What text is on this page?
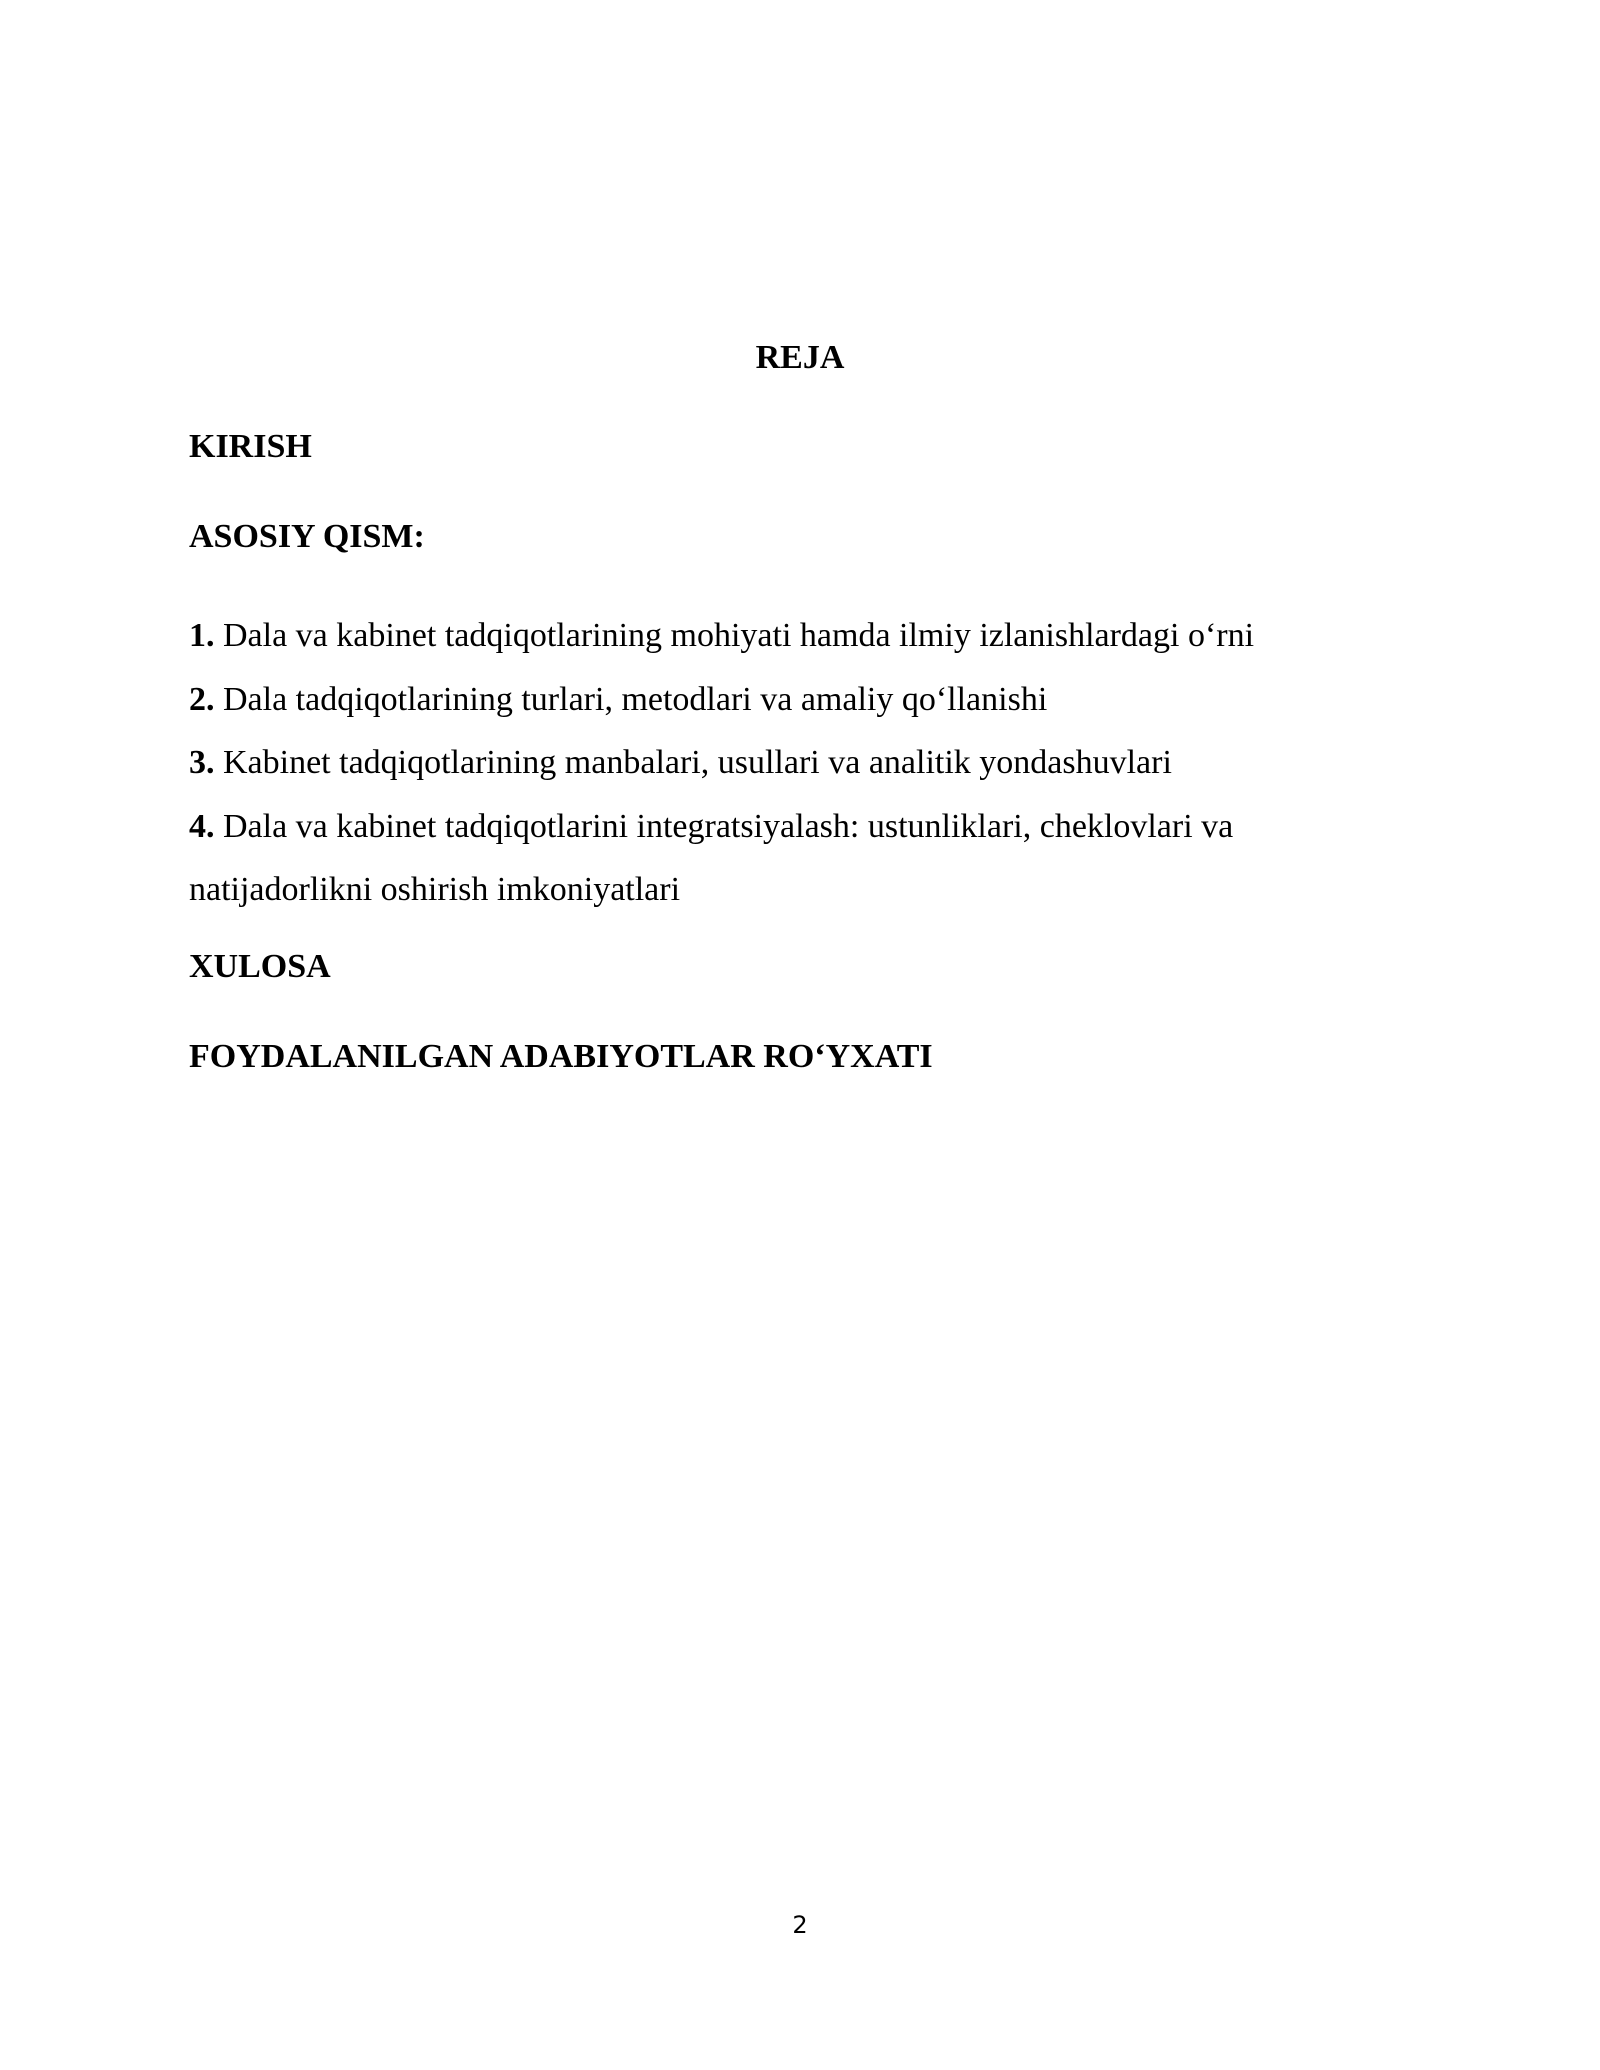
REJA
KIRISH
ASOSIY QISM:
1. Dala va kabinet tadqiqotlarining mohiyati hamda ilmiy izlanishlardagi o‘rni
2. Dala tadqiqotlarining turlari, metodlari va amaliy qo‘llanishi
3. Kabinet tadqiqotlarining manbalari, usullari va analitik yondashuvlari
4. Dala va kabinet tadqiqotlarini integratsiyalash: ustunliklari, cheklovlari va natijadorlikni oshirish imkoniyatlari
XULOSA
FOYDALANILGAN ADABIYOTLAR RO‘YXATI
2
